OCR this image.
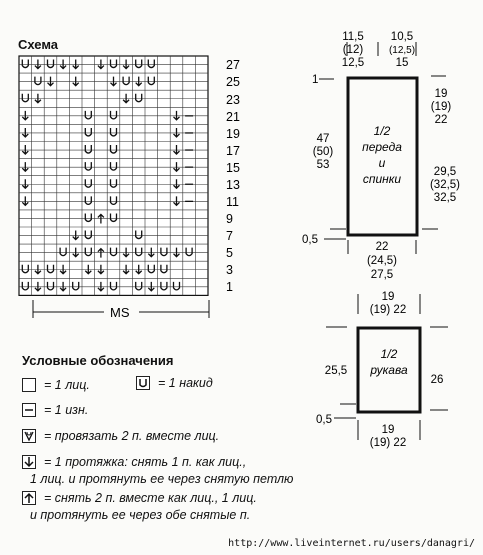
Схема
27
25
23
21
19
17
15
13
11
9
7
5
3
1
MS
Условные обозначения
= 1 лиц.	= 1 накид
= 1 изн.
= провязать 2 п. вместе лиц.
= 1 протяжка: снять 1 п. как лиц.,
1 лиц. и протянуть ее через снятую петлю
= снять 2 п. вместе как лиц., 1 лиц.
и протянуть ее через обе снятые п.
11,5
(12)
12,5
10,5
(12,5)
15
1
1/2 переда и спинки
47
(50)
53
19
(19)
22
29,5
(32,5)
32,5
0,5
22
(24,5)
27,5
19
(19) 22
1/2 рукава
25,5
26
0,5
19
(19) 22
http://www.liveinternet.ru/users/danagri/
